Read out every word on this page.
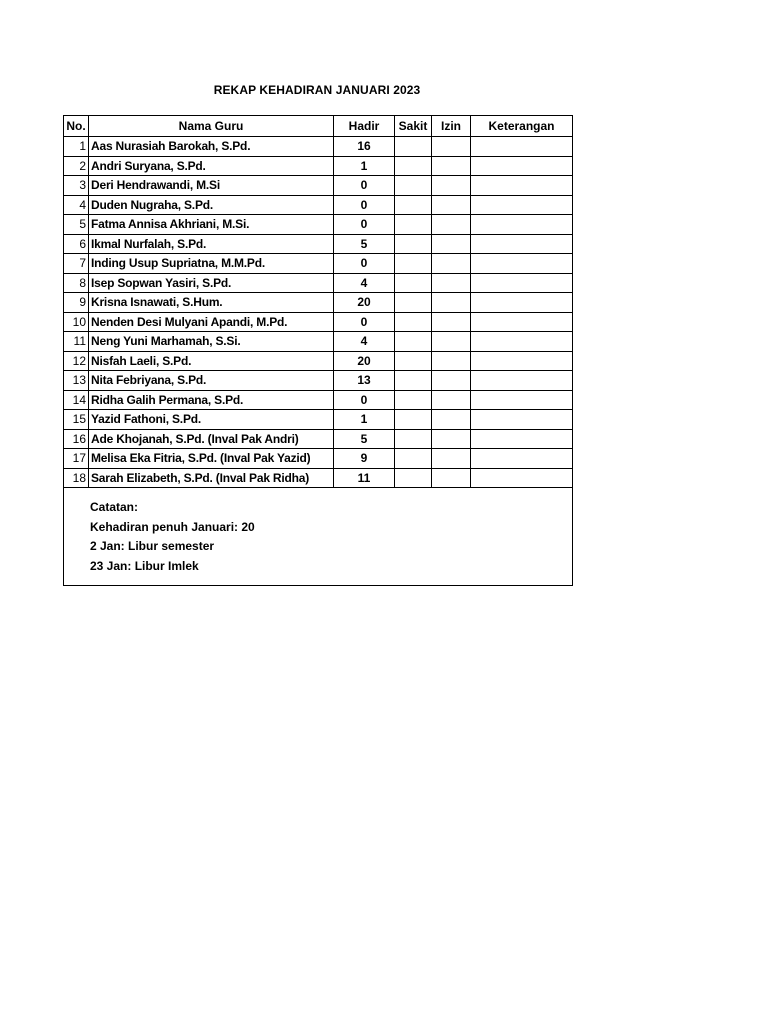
REKAP KEHADIRAN JANUARI 2023
No.	Nama Guru	Hadir	Sakit	Izin	Keterangan
1	Aas Nurasiah Barokah, S.Pd.	16			
2	Andri Suryana, S.Pd.	1			
3	Deri Hendrawandi, M.Si	0			
4	Duden Nugraha, S.Pd.	0			
5	Fatma Annisa Akhriani, M.Si.	0			
6	Ikmal Nurfalah, S.Pd.	5			
7	Inding Usup Supriatna, M.M.Pd.	0			
8	Isep Sopwan Yasiri, S.Pd.	4			
9	Krisna Isnawati, S.Hum.	20			
10	Nenden Desi Mulyani Apandi, M.Pd.	0			
11	Neng Yuni Marhamah, S.Si.	4			
12	Nisfah Laeli, S.Pd.	20			
13	Nita Febriyana, S.Pd.	13			
14	Ridha Galih Permana, S.Pd.	0			
15	Yazid Fathoni, S.Pd.	1			
16	Ade Khojanah, S.Pd. (Inval Pak Andri)	5			
17	Melisa Eka Fitria, S.Pd. (Inval Pak Yazid)	9			
18	Sarah Elizabeth, S.Pd. (Inval Pak Ridha)	11			

Catatan:
Kehadiran penuh Januari: 20
2 Jan: Libur semester
23 Jan: Libur Imlek					
